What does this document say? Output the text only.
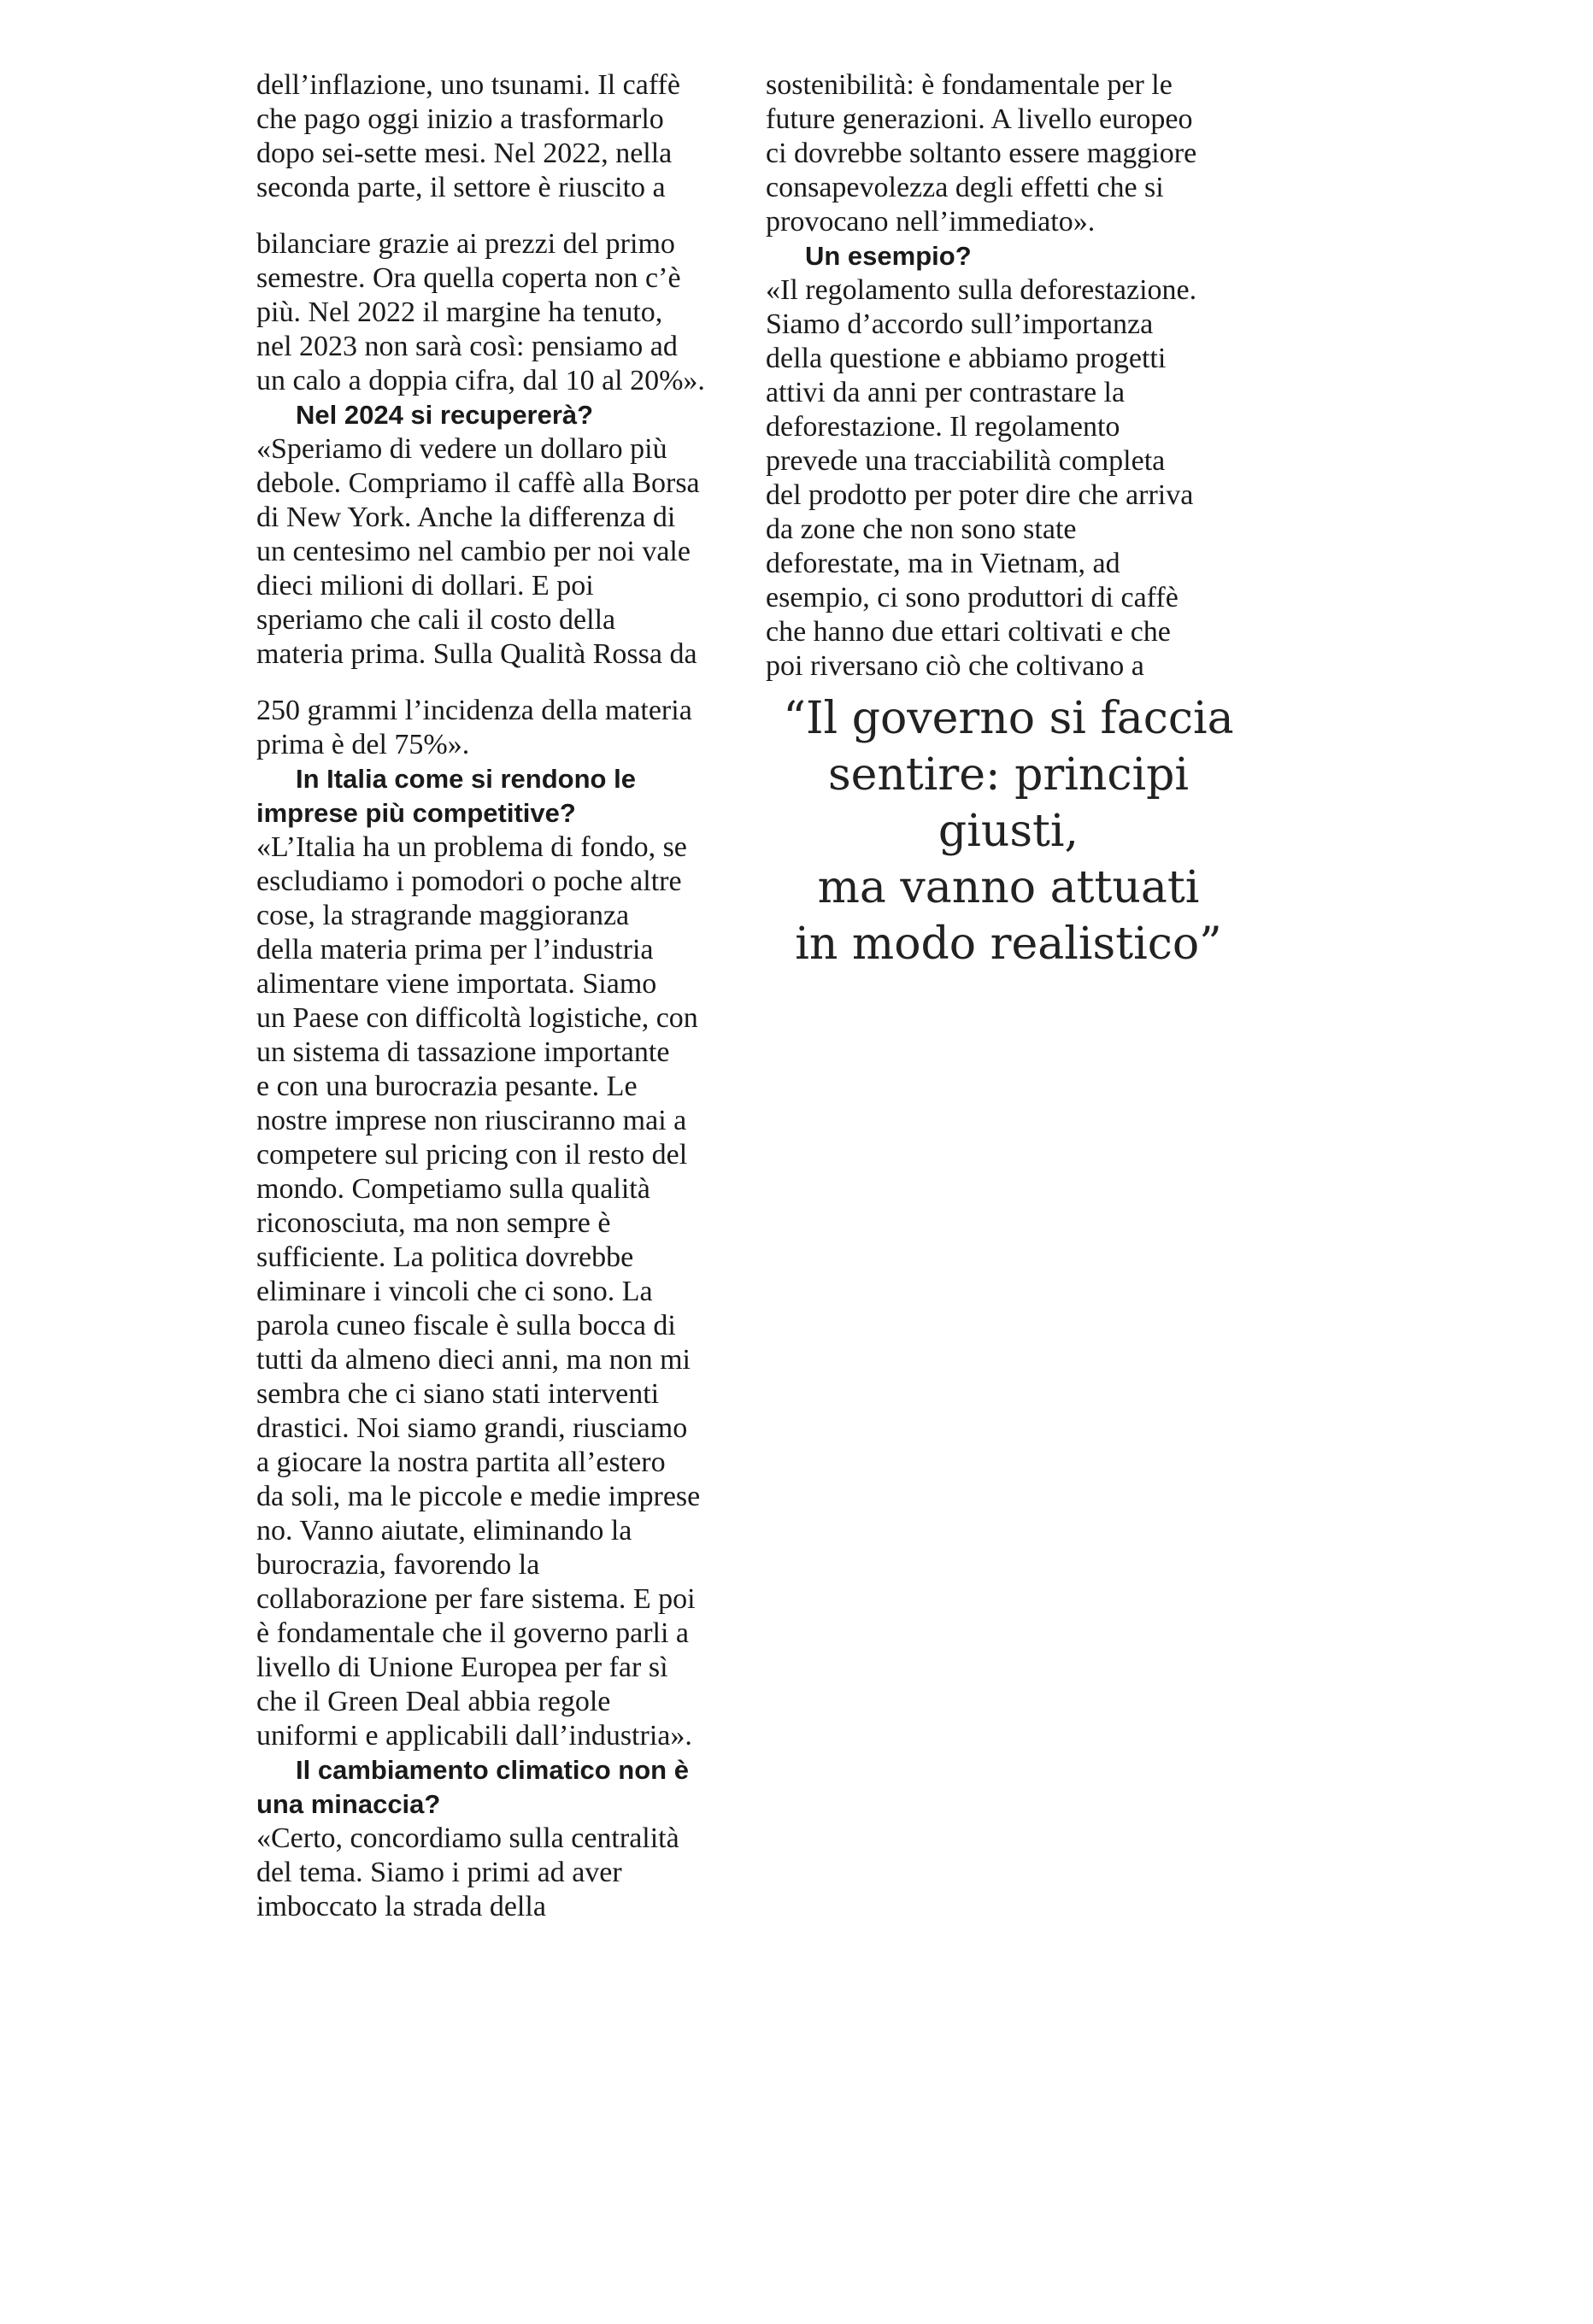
dell’inflazione, uno tsunami. Il caffè
che pago oggi inizio a trasformarlo
dopo sei-sette mesi. Nel 2022, nella
seconda parte, il settore è riuscito a
bilanciare grazie ai prezzi del primo
semestre. Ora quella coperta non c’è
più. Nel 2022 il margine ha tenuto,
nel 2023 non sarà così: pensiamo ad
un calo a doppia cifra, dal 10 al 20%».
Nel 2024 si recupererà?
«Speriamo di vedere un dollaro più
debole. Compriamo il caffè alla Borsa
di New York. Anche la differenza di
un centesimo nel cambio per noi vale
dieci milioni di dollari. E poi
speriamo che cali il costo della
materia prima. Sulla Qualità Rossa da
250 grammi l’incidenza della materia
prima è del 75%».
In Italia come si rendono le
imprese più competitive?
«L’Italia ha un problema di fondo, se
escludiamo i pomodori o poche altre
cose, la stragrande maggioranza
della materia prima per l’industria
alimentare viene importata. Siamo
un Paese con difficoltà logistiche, con
un sistema di tassazione importante
e con una burocrazia pesante. Le
nostre imprese non riusciranno mai a
competere sul pricing con il resto del
mondo. Competiamo sulla qualità
riconosciuta, ma non sempre è
sufficiente. La politica dovrebbe
eliminare i vincoli che ci sono. La
parola cuneo fiscale è sulla bocca di
tutti da almeno dieci anni, ma non mi
sembra che ci siano stati interventi
drastici. Noi siamo grandi, riusciamo
a giocare la nostra partita all’estero
da soli, ma le piccole e medie imprese
no. Vanno aiutate, eliminando la
burocrazia, favorendo la
collaborazione per fare sistema. E poi
è fondamentale che il governo parli a
livello di Unione Europea per far sì
che il Green Deal abbia regole
uniformi e applicabili dall’industria».
Il cambiamento climatico non è
una minaccia?
«Certo, concordiamo sulla centralità
del tema. Siamo i primi ad aver
imboccato la strada della

sostenibilità: è fondamentale per le
future generazioni. A livello europeo
ci dovrebbe soltanto essere maggiore
consapevolezza degli effetti che si
provocano nell’immediato».
Un esempio?
«Il regolamento sulla deforestazione.
Siamo d’accordo sull’importanza
della questione e abbiamo progetti
attivi da anni per contrastare la
deforestazione. Il regolamento
prevede una tracciabilità completa
del prodotto per poter dire che arriva
da zone che non sono state
deforestate, ma in Vietnam, ad
esempio, ci sono produttori di caffè
che hanno due ettari coltivati e che
poi riversano ciò che coltivano a
“Il governo si faccia
sentire: principi giusti,
ma vanno attuati
in modo realistico”
